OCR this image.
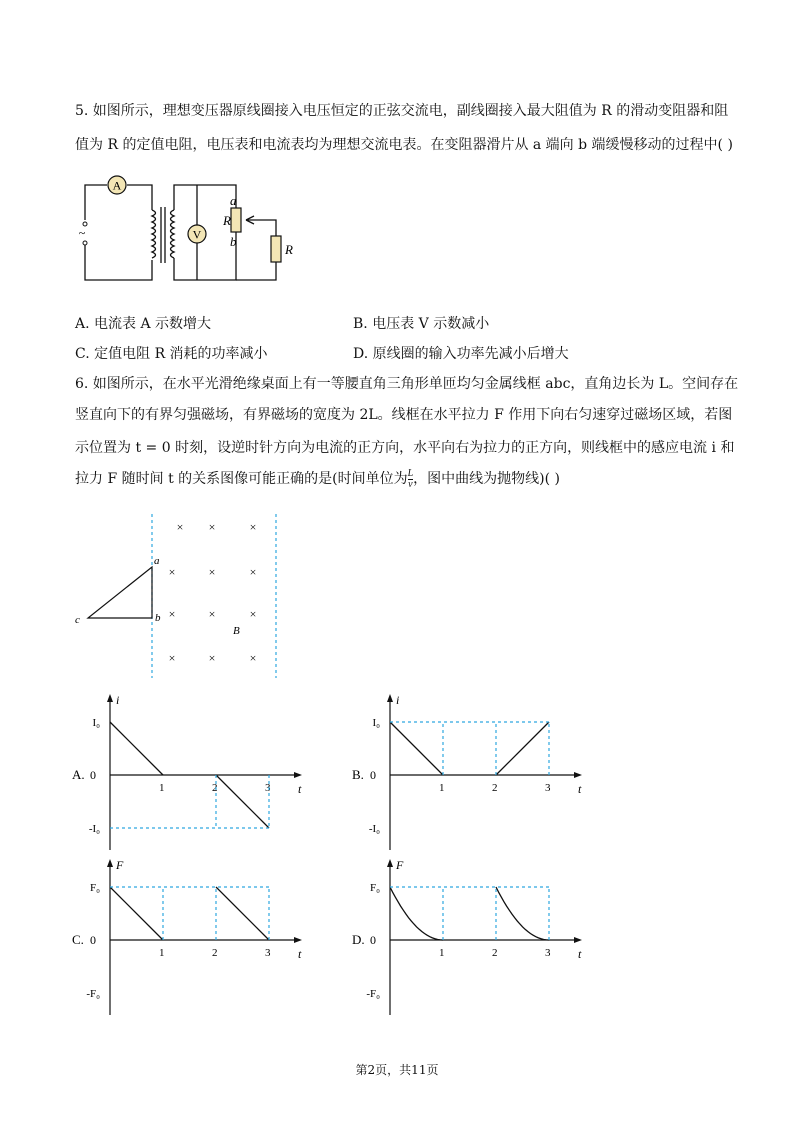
5. 如图所示，理想变压器原线圈接入电压恒定的正弦交流电，副线圈接入最大阻值为 R 的滑动变阻器和阻
值为 R 的定值电阻，电压表和电流表均为理想交流电表。在变阻器滑片从 a 端向 b 端缓慢移动的过程中( )
A
V
~
R
a
b
R
A. 电流表 A 示数增大	B. 电压表 V 示数减小
C. 定值电阻 R 消耗的功率减小	D. 原线圈的输入功率先减小后增大
6. 如图所示，在水平光滑绝缘桌面上有一等腰直角三角形单匝均匀金属线框 abc，直角边长为 L。空间存在
竖直向下的有界匀强磁场，有界磁场的宽度为 2L。线框在水平拉力 F 作用下向右匀速穿过磁场区域，若图
示位置为 t = 0 时刻，设逆时针方向为电流的正方向，水平向右为拉力的正方向，则线框中的感应电流 i 和
拉力 F 随时间 t 的关系图像可能正确的是(时间单位为 $\frac{L}{v}$ ，图中曲线为抛物线)( )
a
b
c
B
× ×	×
×	×	×
×	×	×
×	×	×
第2页，共11页
i
t
I₀
-I₀
0
A.
1	2	3
i
t
I₀
-I₀
0
B.
1	2	3
F
t
F₀
-F₀
0
C.
1	2	3
F
t
F₀
-F₀
0
D.
1	2	3
